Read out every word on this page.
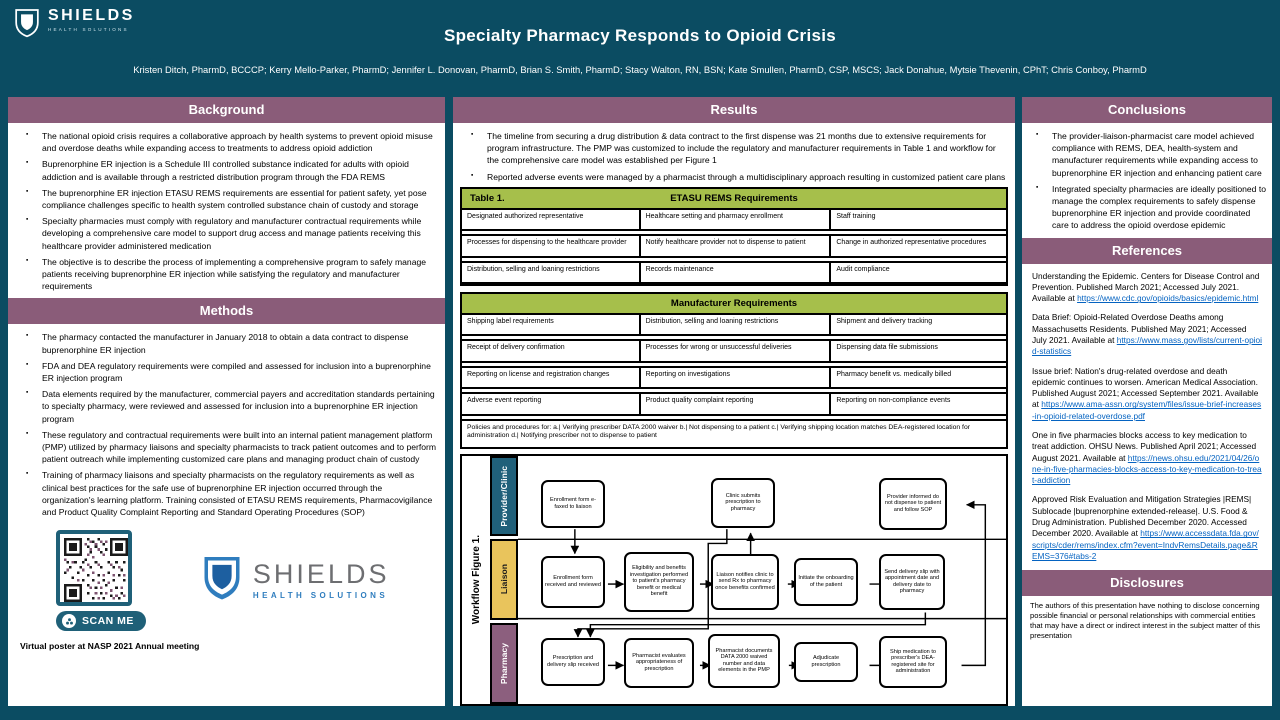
SHIELDS
HEALTH SOLUTIONS	Specialty Pharmacy Responds to Opioid Crisis
Kristen Ditch, PharmD, BCCCP; Kerry Mello-Parker, PharmD; Jennifer L. Donovan, PharmD, Brian S. Smith, PharmD; Stacy Walton, RN, BSN; Kate Smullen, PharmD, CSP, MSCS; Jack Donahue, Mytsie Thevenin, CPhT; Chris Conboy, PharmD
Background
▪ The national opioid crisis requires a collaborative approach by health systems to prevent opioid misuse and overdose deaths while expanding access to treatments to address opioid addiction
▪ Buprenorphine ER injection is a Schedule III controlled substance indicated for adults with opioid addiction and is available through a restricted distribution program through the FDA REMS
▪ The buprenorphine ER injection ETASU REMS requirements are essential for patient safety, yet pose compliance challenges specific to health system controlled substance chain of custody and storage
▪ Specialty pharmacies must comply with regulatory and manufacturer contractual requirements while developing a comprehensive care model to support drug access and manage patients receiving this healthcare provider administered medication
▪ The objective is to describe the process of implementing a comprehensive program to safely manage patients receiving buprenorphine ER injection while satisfying the regulatory and manufacturer requirements
Methods
▪ The pharmacy contacted the manufacturer in January 2018 to obtain a data contract to dispense buprenorphine ER injection
▪ FDA and DEA regulatory requirements were compiled and assessed for inclusion into a buprenorphine ER injection program
▪ Data elements required by the manufacturer, commercial payers and accreditation standards pertaining to specialty pharmacy, were reviewed and assessed for inclusion into a buprenorphine ER injection program
▪ These regulatory and contractual requirements were built into an internal patient management platform (PMP) utilized by pharmacy liaisons and specialty pharmacists to track patient outcomes and to perform patient outreach while implementing customized care plans and managing product chain of custody
▪ Training of pharmacy liaisons and specialty pharmacists on the regulatory requirements as well as clinical best practices for the safe use of buprenorphine ER injection occurred through the organization's learning platform. Training consisted of ETASU REMS requirements, Pharmacovigilance and Product Quality Complaint Reporting and Standard Operating Procedures (SOP)
SCAN ME
SHIELDS
HEALTH SOLUTIONS
Virtual poster at NASP 2021 Annual meeting
Results
▪ The timeline from securing a drug distribution & data contract to the first dispense was 21 months due to extensive requirements for program infrastructure. The PMP was customized to include the regulatory and manufacturer requirements in Table 1 and workflow for the comprehensive care model was established per Figure 1
▪ Reported adverse events were managed by a pharmacist through a multidisciplinary approach resulting in customized patient care plans
Table 1.	ETASU REMS Requirements
Designated authorized representative	Healthcare setting and pharmacy enrollment	Staff training
Processes for dispensing to the healthcare provider	Notify healthcare provider not to dispense to patient	Change in authorized representative procedures
Distribution, selling and loaning restrictions	Records maintenance	Audit compliance
Manufacturer Requirements
Shipping label requirements	Distribution, selling and loaning restrictions	Shipment and delivery tracking
Receipt of delivery confirmation	Processes for wrong or unsuccessful deliveries	Dispensing data file submissions
Reporting on license and registration changes	Reporting on investigations	Pharmacy benefit vs. medically billed
Adverse event reporting	Product quality complaint reporting	Reporting on non-compliance events
Policies and procedures for: a.| Verifying prescriber DATA 2000 waiver b.| Not dispensing to a patient c.| Verifying shipping location matches DEA-registered location for administration d.| Notifying prescriber not to dispense to patient
Workflow Figure 1.
Provider/Clinic
Liaison
Pharmacy
Enrollment form e-faxed to liaison
Clinic submits prescription to pharmacy
Provider informed do not dispense to patient and follow SOP
Enrollment form received and reviewed
Eligibility and benefits investigation performed to patient's pharmacy benefit or medical benefit
Liaison notifies clinic to send Rx to pharmacy once benefits confirmed
Initiate the onboarding of the patient
Send delivery slip with appointment date and delivery date to pharmacy
Prescription and delivery slip received
Pharmacist evaluates appropriateness of prescription
Pharmacist documents DATA 2000 waived number and data elements in the PMP
Adjudicate prescription
Ship medication to prescriber's DEA-registered site for administration
Conclusions
▪ The provider-liaison-pharmacist care model achieved compliance with REMS, DEA, health-system and manufacturer requirements while expanding access to buprenorphine ER injection and enhancing patient care
▪ Integrated specialty pharmacies are ideally positioned to manage the complex requirements to safely dispense buprenorphine ER injection and provide coordinated care to address the opioid overdose epidemic
References
Understanding the Epidemic. Centers for Disease Control and Prevention. Published March 2021; Accessed July 2021. Available at https://www.cdc.gov/opioids/basics/epidemic.html
Data Brief: Opioid-Related Overdose Deaths among Massachusetts Residents. Published May 2021; Accessed July 2021. Available at https://www.mass.gov/lists/current-opioid-statistics
Issue brief: Nation's drug-related overdose and death epidemic continues to worsen. American Medical Association. Published August 2021; Accessed September 2021. Available at https://www.ama-assn.org/system/files/issue-brief-increases-in-opioid-related-overdose.pdf
One in five pharmacies blocks access to key medication to treat addiction. OHSU News. Published April 2021; Accessed August 2021. Available at https://news.ohsu.edu/2021/04/26/one-in-five-pharmacies-blocks-access-to-key-medication-to-treat-addiction
Approved Risk Evaluation and Mitigation Strategies |REMS| Sublocade |buprenorphine extended-release|. U.S. Food & Drug Administration. Published December 2020. Accessed December 2020. Available at https://www.accessdata.fda.gov/scripts/cder/rems/index.cfm?event=IndvRemsDetails.page&REMS=376#tabs-2
Disclosures
The authors of this presentation have nothing to disclose concerning possible financial or personal relationships with commercial entities that may have a direct or indirect interest in the subject matter of this presentation
